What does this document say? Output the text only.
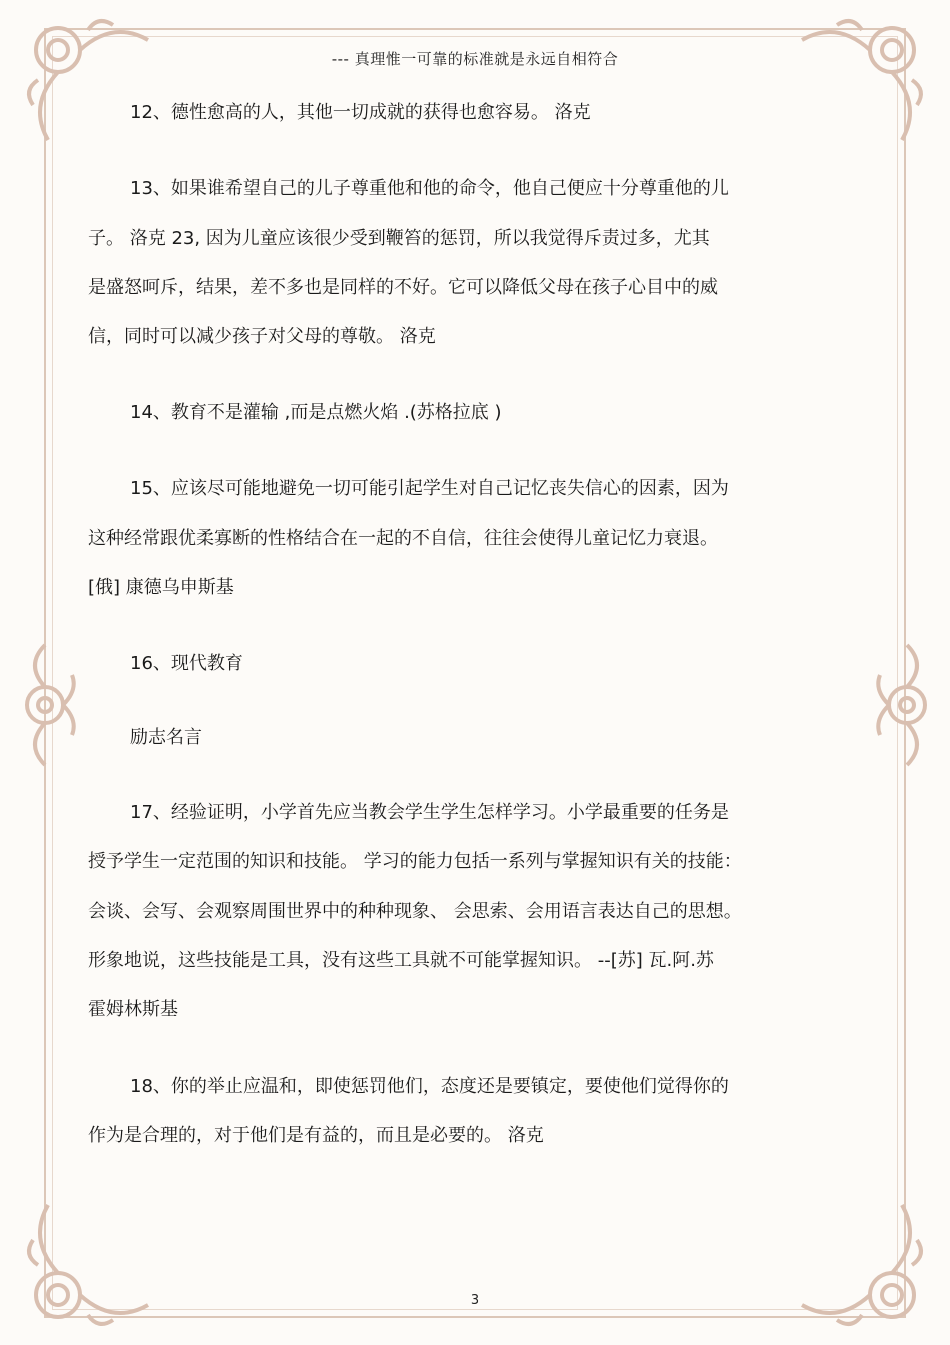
--- 真理惟一可靠的标准就是永远自相符合
12、德性愈高的人，其他一切成就的获得也愈容易。 洛克
13、如果谁希望自己的儿子尊重他和他的命令，他自己便应十分尊重他的儿
子。 洛克 23, 因为儿童应该很少受到鞭笞的惩罚，所以我觉得斥责过多，尤其
是盛怒呵斥，结果，差不多也是同样的不好。它可以降低父母在孩子心目中的威
信，同时可以减少孩子对父母的尊敬。 洛克
14、教育不是灌输 ,而是点燃火焰 .(苏格拉底 )
15、应该尽可能地避免一切可能引起学生对自己记忆丧失信心的因素，因为
这种经常跟优柔寡断的性格结合在一起的不自信，往往会使得儿童记忆力衰退。
[俄] 康德乌申斯基
16、现代教育
励志名言
17、经验证明，小学首先应当教会学生学生怎样学习。小学最重要的任务是
授予学生一定范围的知识和技能。 学习的能力包括一系列与掌握知识有关的技能：
会谈、会写、会观察周围世界中的种种现象、 会思索、会用语言表达自己的思想。
形象地说，这些技能是工具，没有这些工具就不可能掌握知识。 --[苏] 瓦.阿.苏
霍姆林斯基
18、你的举止应温和，即使惩罚他们，态度还是要镇定，要使他们觉得你的
作为是合理的，对于他们是有益的，而且是必要的。 洛克
3
